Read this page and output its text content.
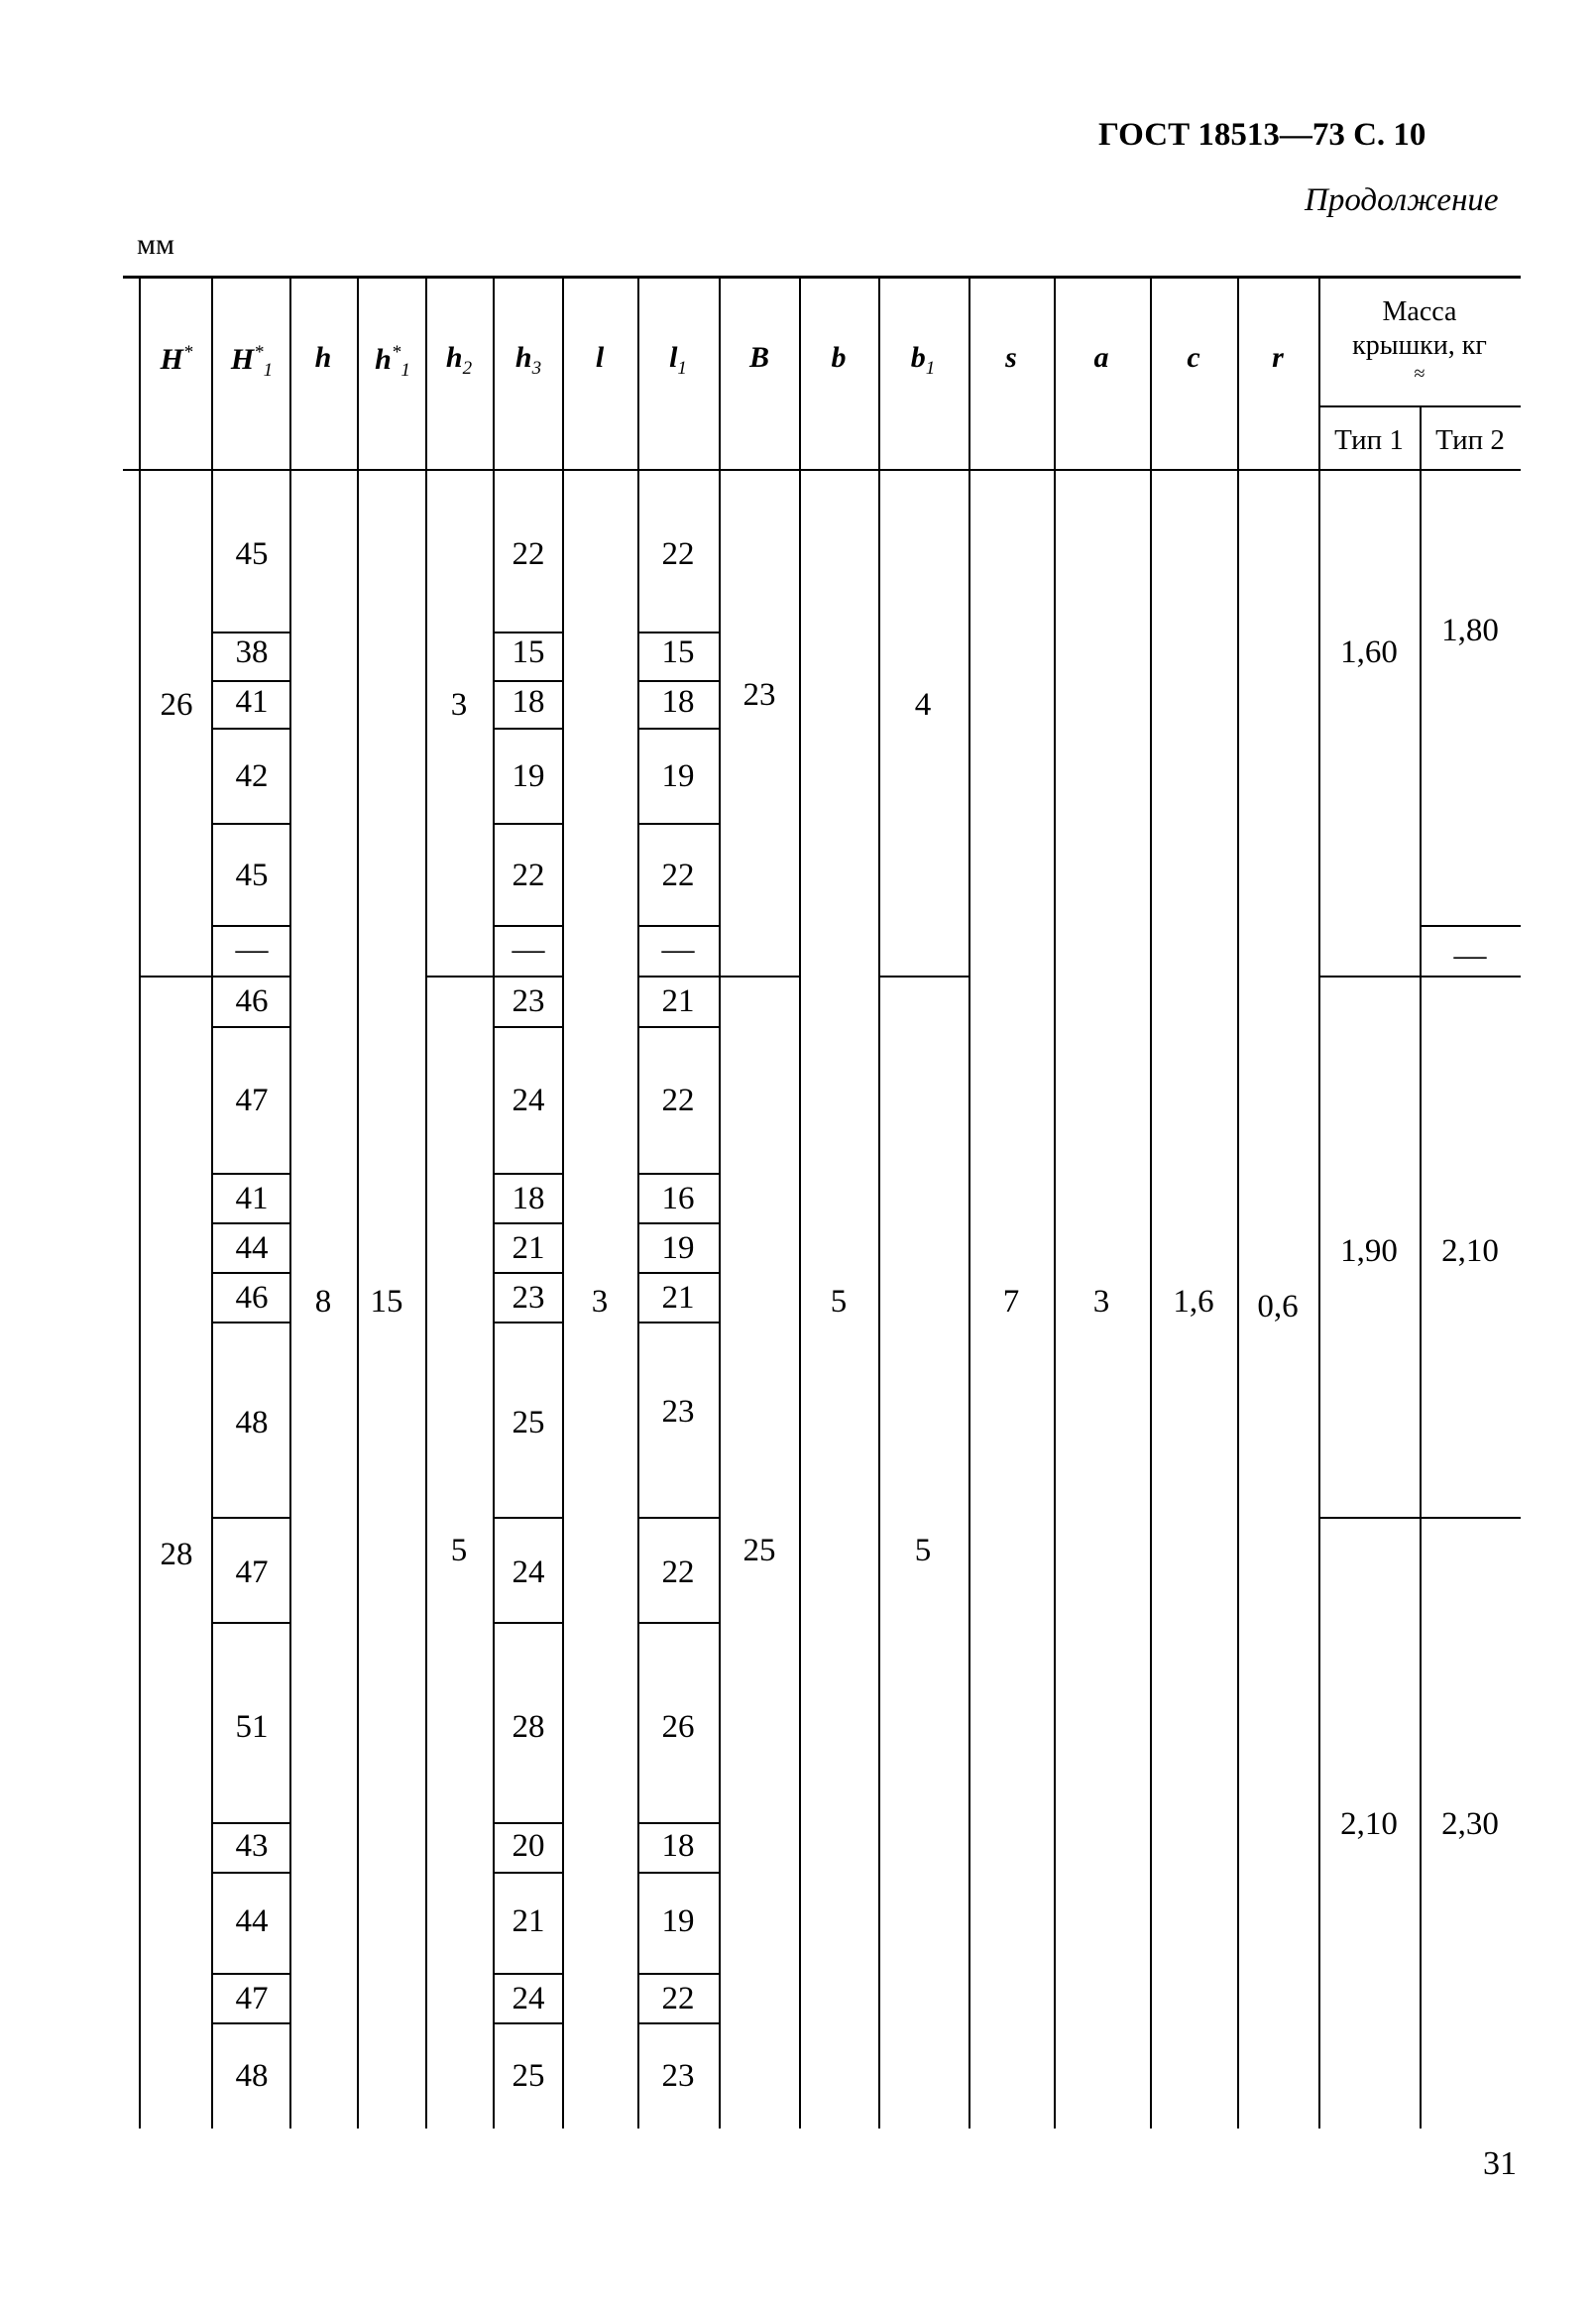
ГОСТ 18513—73 С. 10
Продолжение
мм
H* $H^*_1$ h $h^*_1$ $h_2$ $h_3$ l $l_1$ B b $b_1$ s	a	c r
Масса
крышки, кг
≈
Тип 1 Тип 2
45
38
41
42
45
—
46
47
41
44
46
48
47
51
43
44
47
48
22
15
18
19
22
—
23
24
18
21
23
25
24
28
20
21
24
25
22
15
18
19
22
—
21
22
16
19
21
23
22
26
18
19
22
23
26
28
8 15
3
5
3
23
25
5
4
5
7 3 1,6 0,6
1,60
1,80
—
1,90 2,10
2,10 2,30
31
